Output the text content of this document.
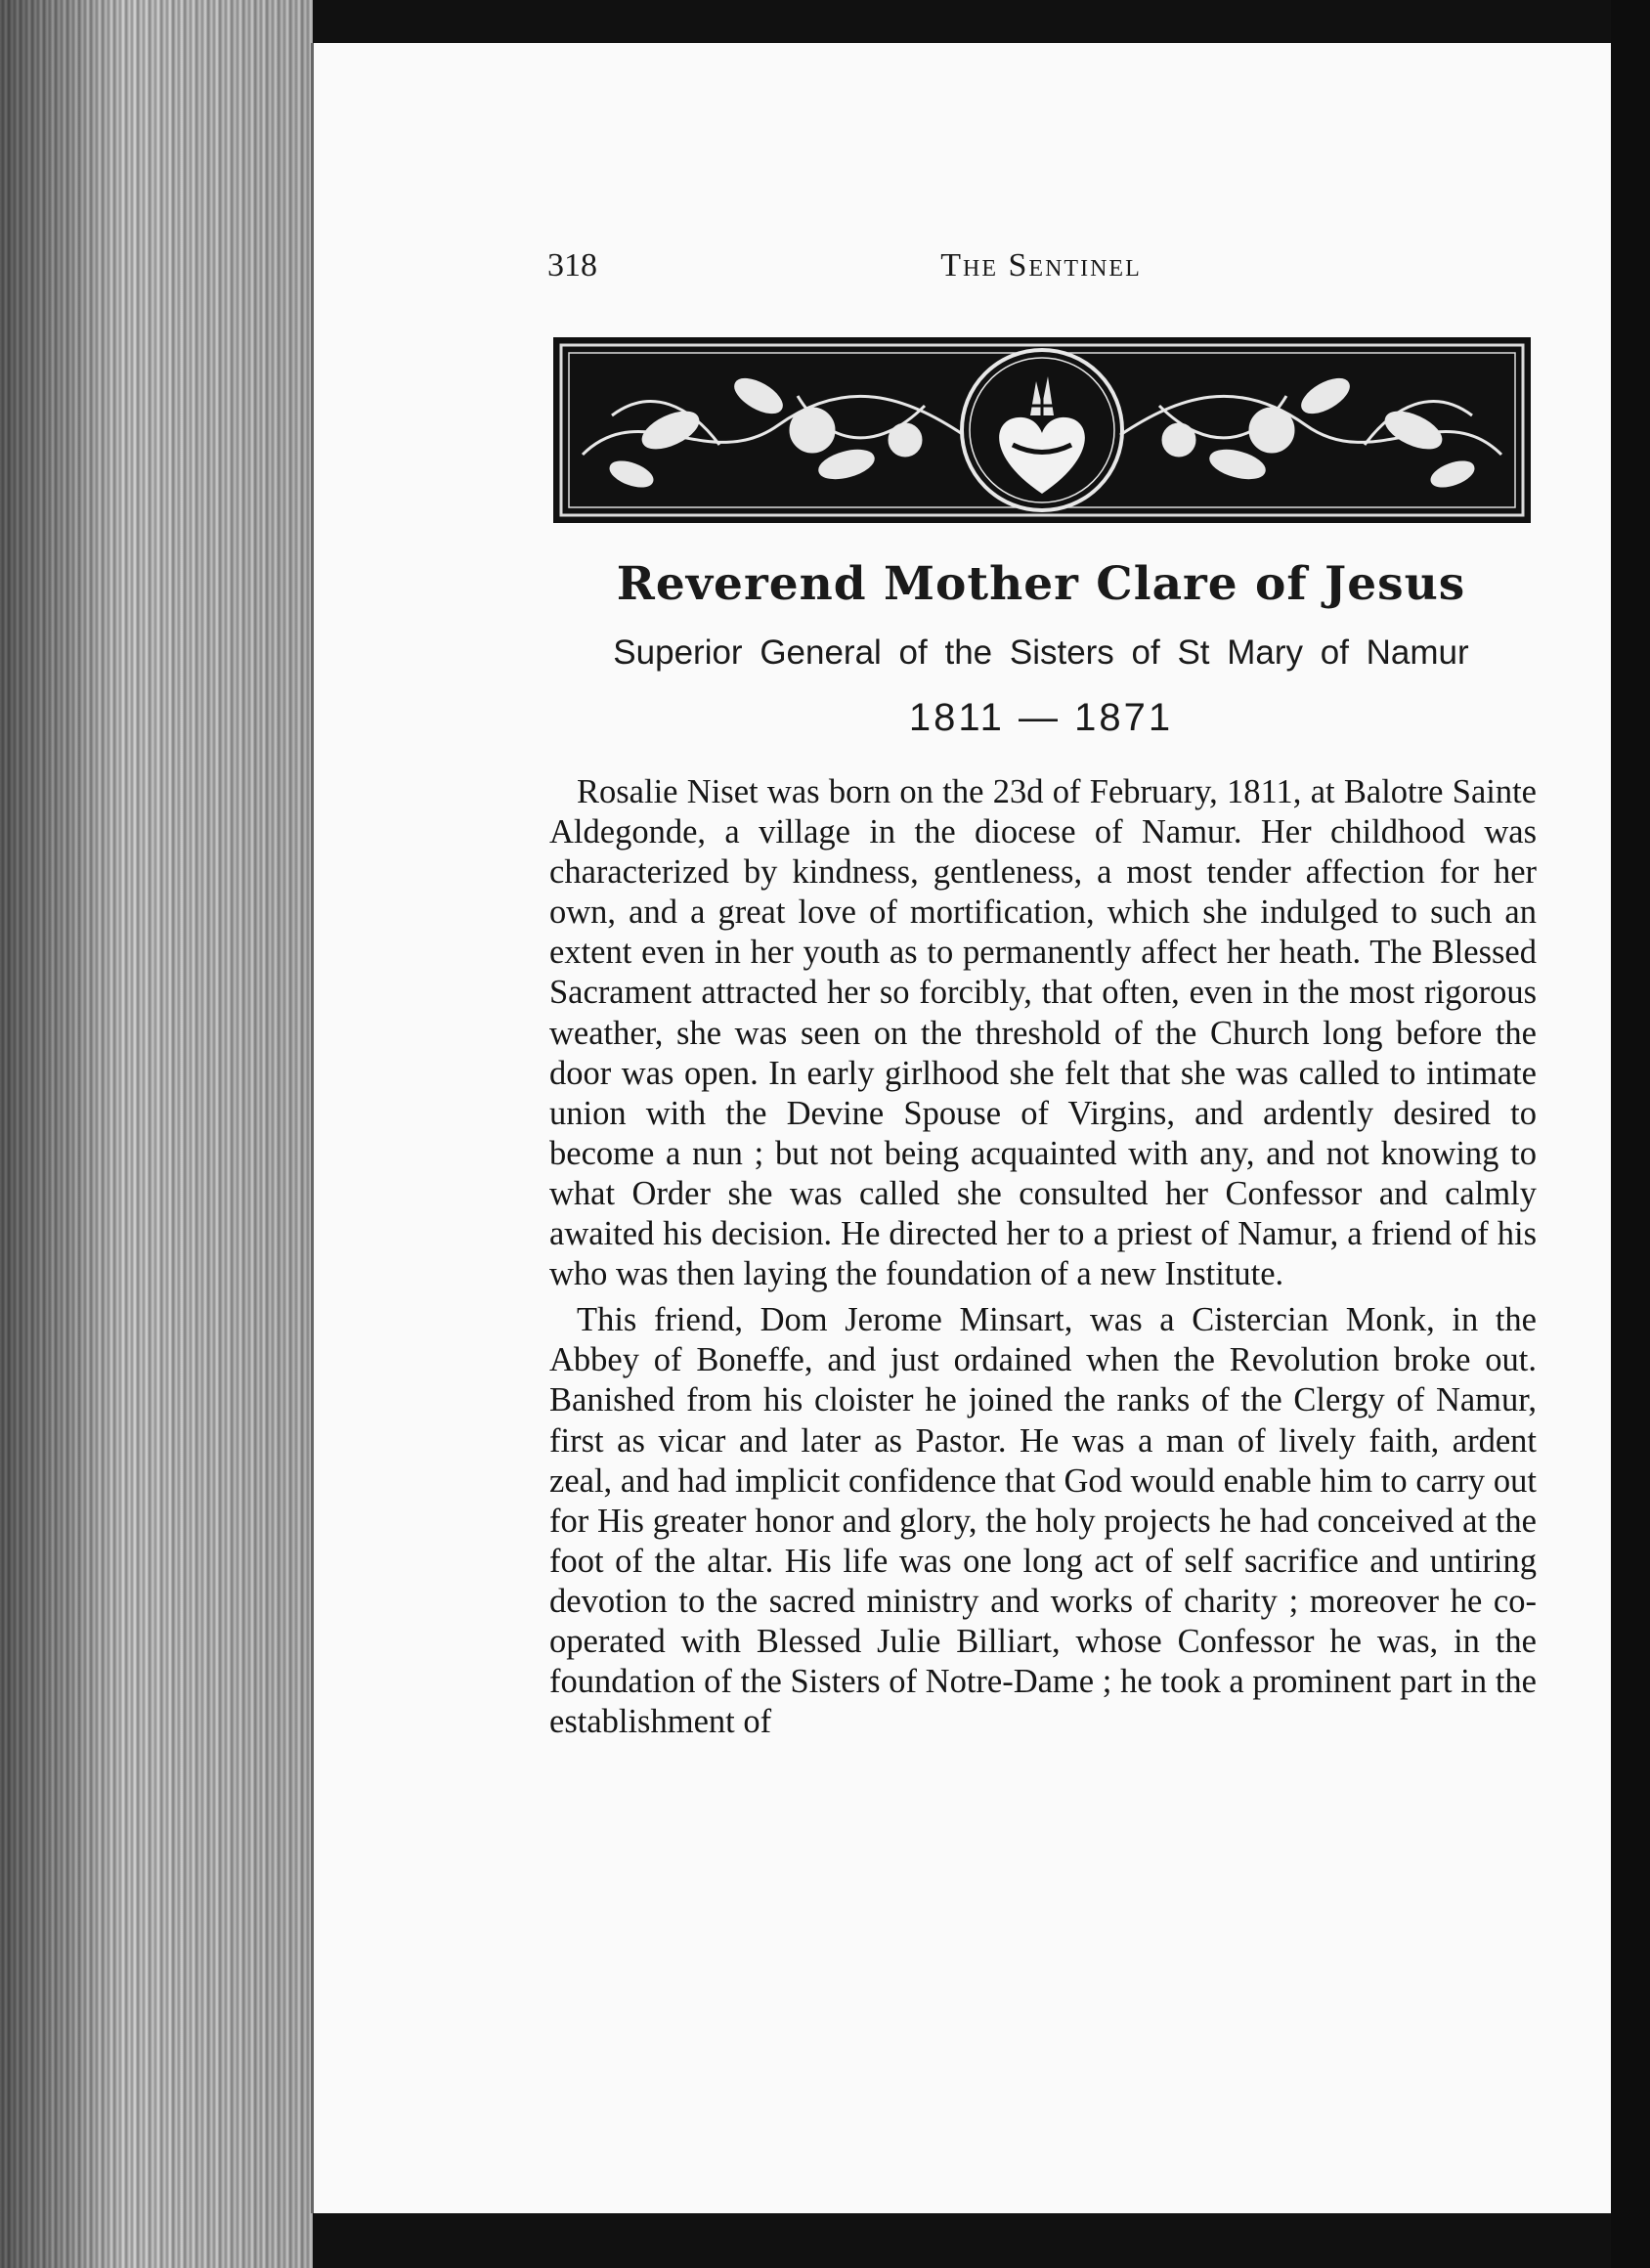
318	The Sentinel
Reverend Mother Clare of Jesus
Superior General of the Sisters of St Mary of Namur
1811 — 1871

Rosalie Niset was born on the 23d of February, 1811, at Balotre Sainte Aldegonde, a village in the diocese of Namur. Her childhood was characterized by kindness, gentleness, a most tender affection for her own, and a great love of mortification, which she indulged to such an extent even in her youth as to permanently affect her heath. The Blessed Sacrament attracted her so forcibly, that often, even in the most rigorous weather, she was seen on the threshold of the Church long before the door was open. In early girlhood she felt that she was called to intimate union with the Devine Spouse of Virgins, and ardently desired to become a nun ; but not being acquainted with any, and not knowing to what Order she was called she consulted her Confessor and calmly awaited his decision. He directed her to a priest of Namur, a friend of his who was then laying the foundation of a new Institute.

This friend, Dom Jerome Minsart, was a Cistercian Monk, in the Abbey of Boneffe, and just ordained when the Revolution broke out. Banished from his cloister he joined the ranks of the Clergy of Namur, first as vicar and later as Pastor. He was a man of lively faith, ardent zeal, and had implicit confidence that God would enable him to carry out for His greater honor and glory, the holy projects he had conceived at the foot of the altar. His life was one long act of self sacrifice and untiring devotion to the sacred ministry and works of charity ; moreover he co-operated with Blessed Julie Billiart, whose Confessor he was, in the foundation of the Sisters of Notre-Dame ; he took a prominent part in the establishment of
